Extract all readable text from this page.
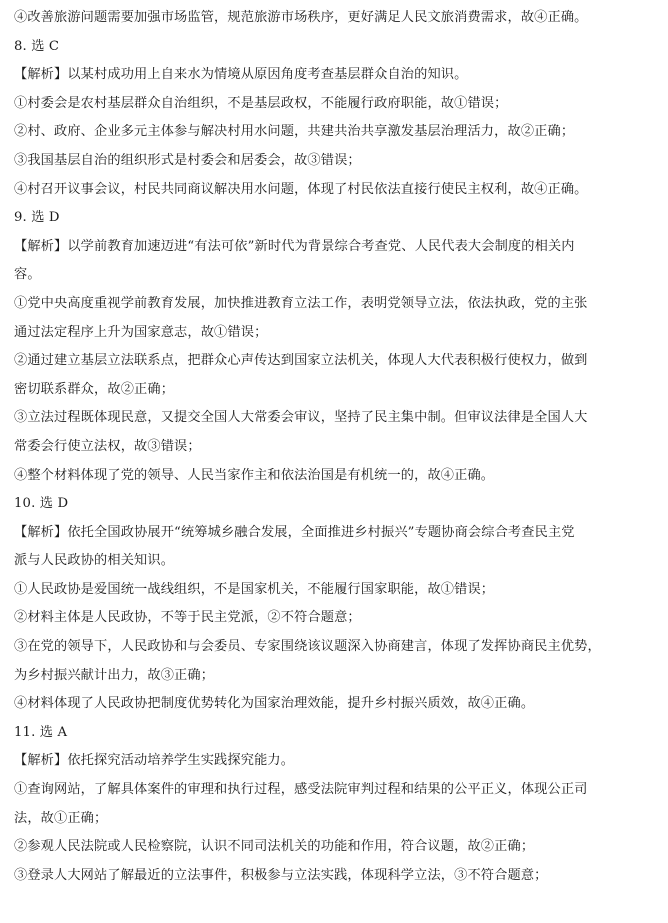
④改善旅游问题需要加强市场监管，规范旅游市场秩序，更好满足人民文旅消费需求，故④正确。
8. 选 C
【解析】以某村成功用上自来水为情境从原因角度考查基层群众自治的知识。
①村委会是农村基层群众自治组织，不是基层政权，不能履行政府职能，故①错误；
②村、政府、企业多元主体参与解决村用水问题，共建共治共享激发基层治理活力，故②正确；
③我国基层自治的组织形式是村委会和居委会，故③错误；
④村召开议事会议，村民共同商议解决用水问题，体现了村民依法直接行使民主权利，故④正确。
9. 选 D
【解析】以学前教育加速迈进“有法可依”新时代为背景综合考查党、人民代表大会制度的相关内
容。
①党中央高度重视学前教育发展，加快推进教育立法工作，表明党领导立法，依法执政，党的主张
通过法定程序上升为国家意志，故①错误；
②通过建立基层立法联系点，把群众心声传达到国家立法机关，体现人大代表积极行使权力，做到
密切联系群众，故②正确；
③立法过程既体现民意，又提交全国人大常委会审议，坚持了民主集中制。但审议法律是全国人大
常委会行使立法权，故③错误；
④整个材料体现了党的领导、人民当家作主和依法治国是有机统一的，故④正确。
10. 选 D
【解析】依托全国政协展开“统筹城乡融合发展，全面推进乡村振兴”专题协商会综合考查民主党
派与人民政协的相关知识。
①人民政协是爱国统一战线组织，不是国家机关，不能履行国家职能，故①错误；
②材料主体是人民政协，不等于民主党派，②不符合题意；
③在党的领导下，人民政协和与会委员、专家围绕该议题深入协商建言，体现了发挥协商民主优势，
为乡村振兴献计出力，故③正确；
④材料体现了人民政协把制度优势转化为国家治理效能，提升乡村振兴质效，故④正确。
11. 选 A
【解析】依托探究活动培养学生实践探究能力。
①查询网站，了解具体案件的审理和执行过程，感受法院审判过程和结果的公平正义，体现公正司
法，故①正确；
②参观人民法院或人民检察院，认识不同司法机关的功能和作用，符合议题，故②正确；
③登录人大网站了解最近的立法事件，积极参与立法实践，体现科学立法，③不符合题意；
